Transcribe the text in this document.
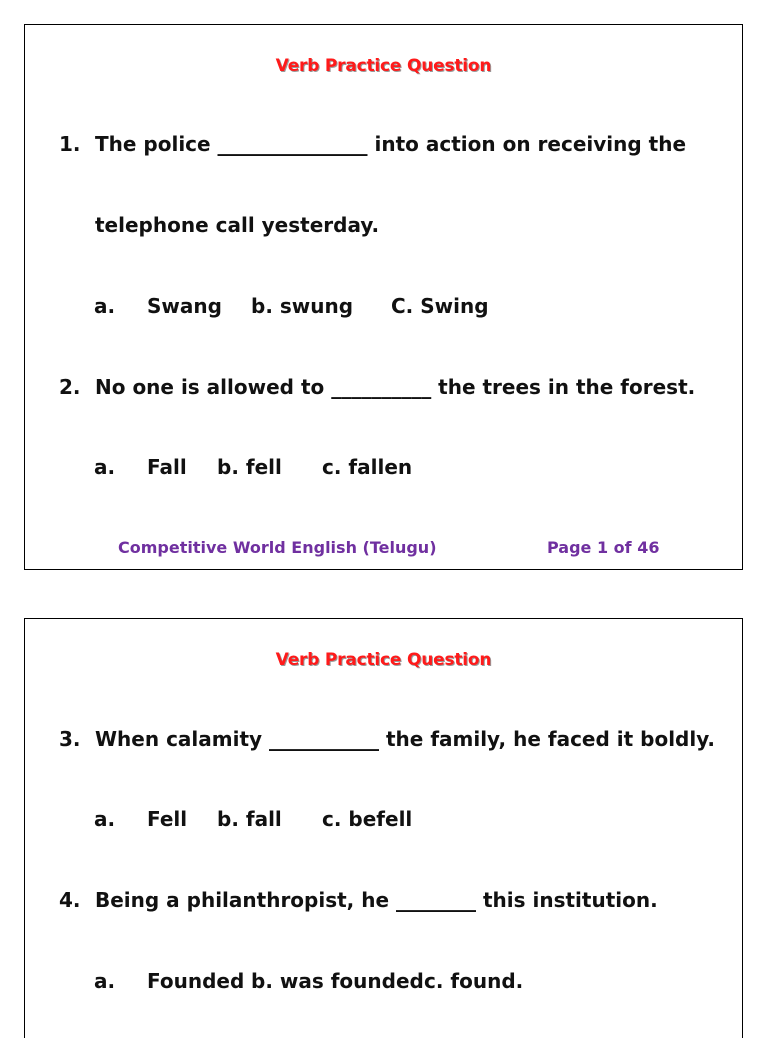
Verb Practice Question
1. The police _______________ into action on receiving the
telephone call yesterday.
a. Swang b. swung C. Swing
2. No one is allowed to __________ the trees in the forest.
a. Fall b. fell c. fallen
Competitive World English (Telugu)	Page 1 of 46
Verb Practice Question
3. When calamity ___________ the family, he faced it boldly.
a. Fell b. fall c. befell
4. Being a philanthropist, he ________ this institution.
a. Founded b. was founded c. found.
